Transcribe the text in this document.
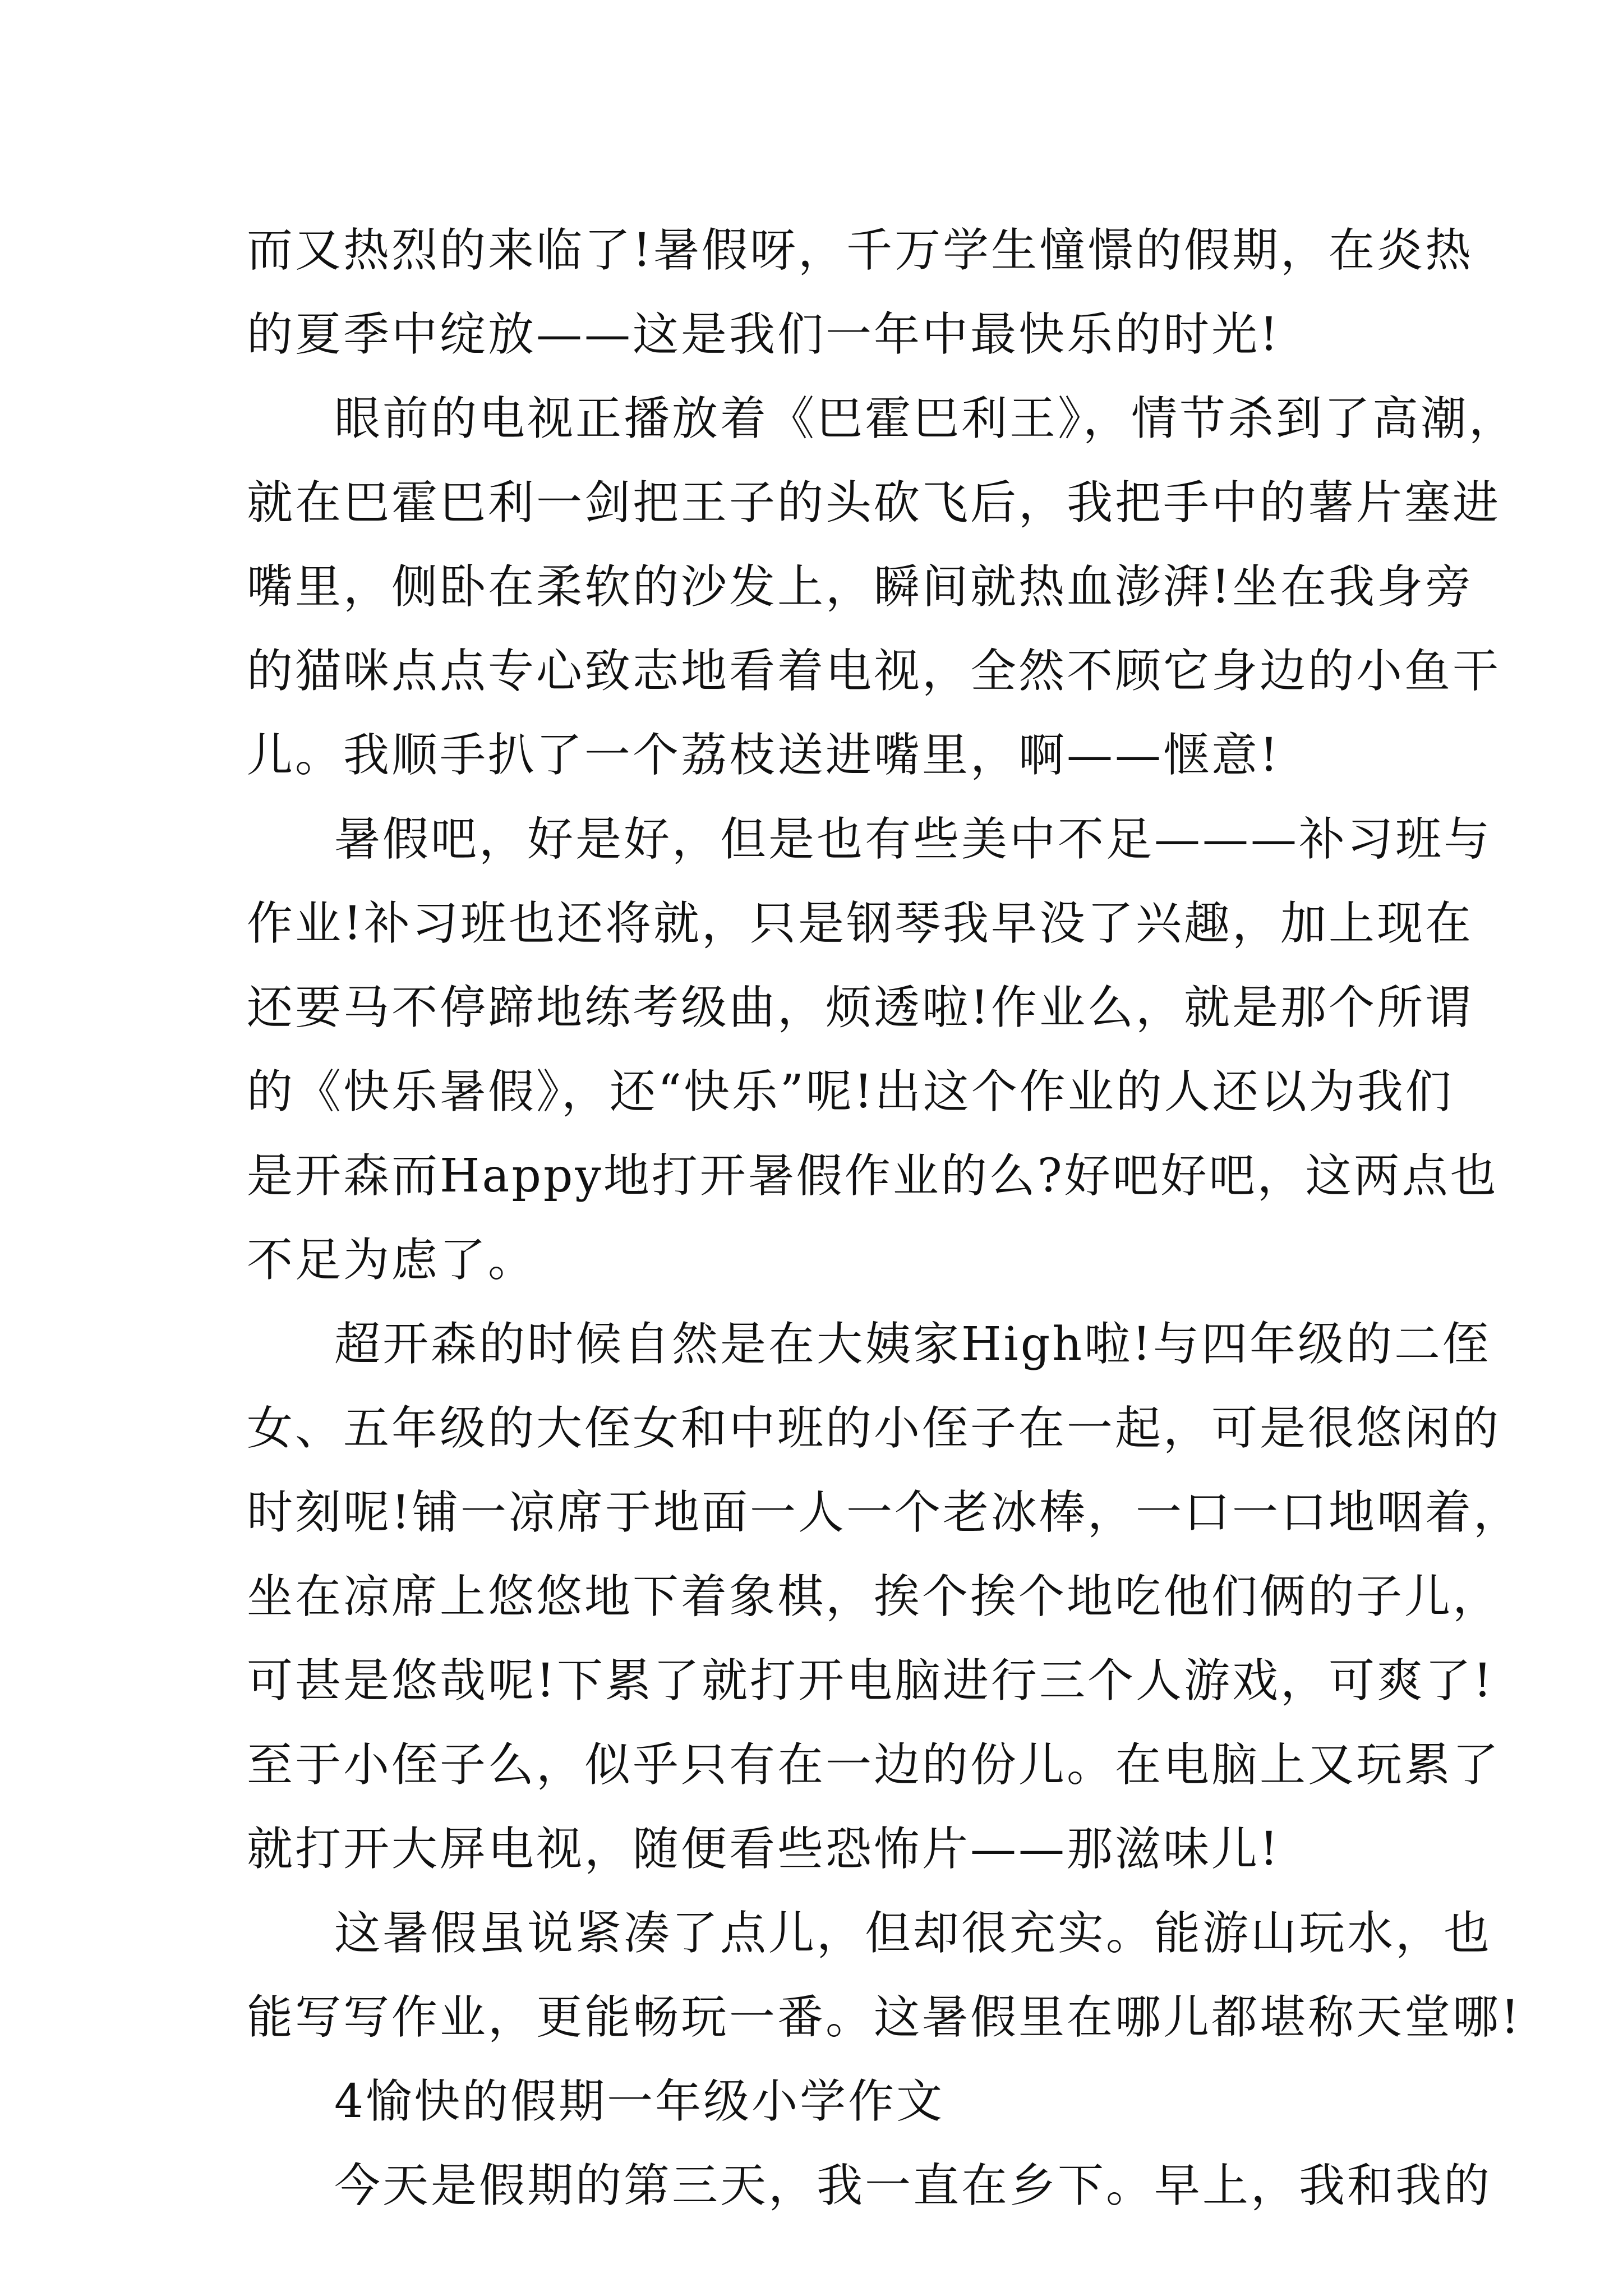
而又热烈的来临了!暑假呀，千万学生憧憬的假期，在炎热
的夏季中绽放——这是我们一年中最快乐的时光!
眼前的电视正播放着《巴霍巴利王》，情节杀到了高潮，
就在巴霍巴利一剑把王子的头砍飞后，我把手中的薯片塞进
嘴里，侧卧在柔软的沙发上，瞬间就热血澎湃!坐在我身旁
的猫咪点点专心致志地看着电视，全然不顾它身边的小鱼干
儿。我顺手扒了一个荔枝送进嘴里，啊——惬意!
暑假吧，好是好，但是也有些美中不足———补习班与
作业!补习班也还将就，只是钢琴我早没了兴趣，加上现在
还要马不停蹄地练考级曲，烦透啦!作业么，就是那个所谓
的《快乐暑假》，还“快乐”呢!出这个作业的人还以为我们
是开森而Happy地打开暑假作业的么?好吧好吧，这两点也
不足为虑了。
超开森的时候自然是在大姨家High啦!与四年级的二侄
女、五年级的大侄女和中班的小侄子在一起，可是很悠闲的
时刻呢!铺一凉席于地面一人一个老冰棒，一口一口地咽着，
坐在凉席上悠悠地下着象棋，挨个挨个地吃他们俩的子儿，
可甚是悠哉呢!下累了就打开电脑进行三个人游戏，可爽了!
至于小侄子么，似乎只有在一边的份儿。在电脑上又玩累了
就打开大屏电视，随便看些恐怖片——那滋味儿!
这暑假虽说紧凑了点儿，但却很充实。能游山玩水，也
能写写作业，更能畅玩一番。这暑假里在哪儿都堪称天堂哪!
4愉快的假期一年级小学作文
今天是假期的第三天，我一直在乡下。早上，我和我的
